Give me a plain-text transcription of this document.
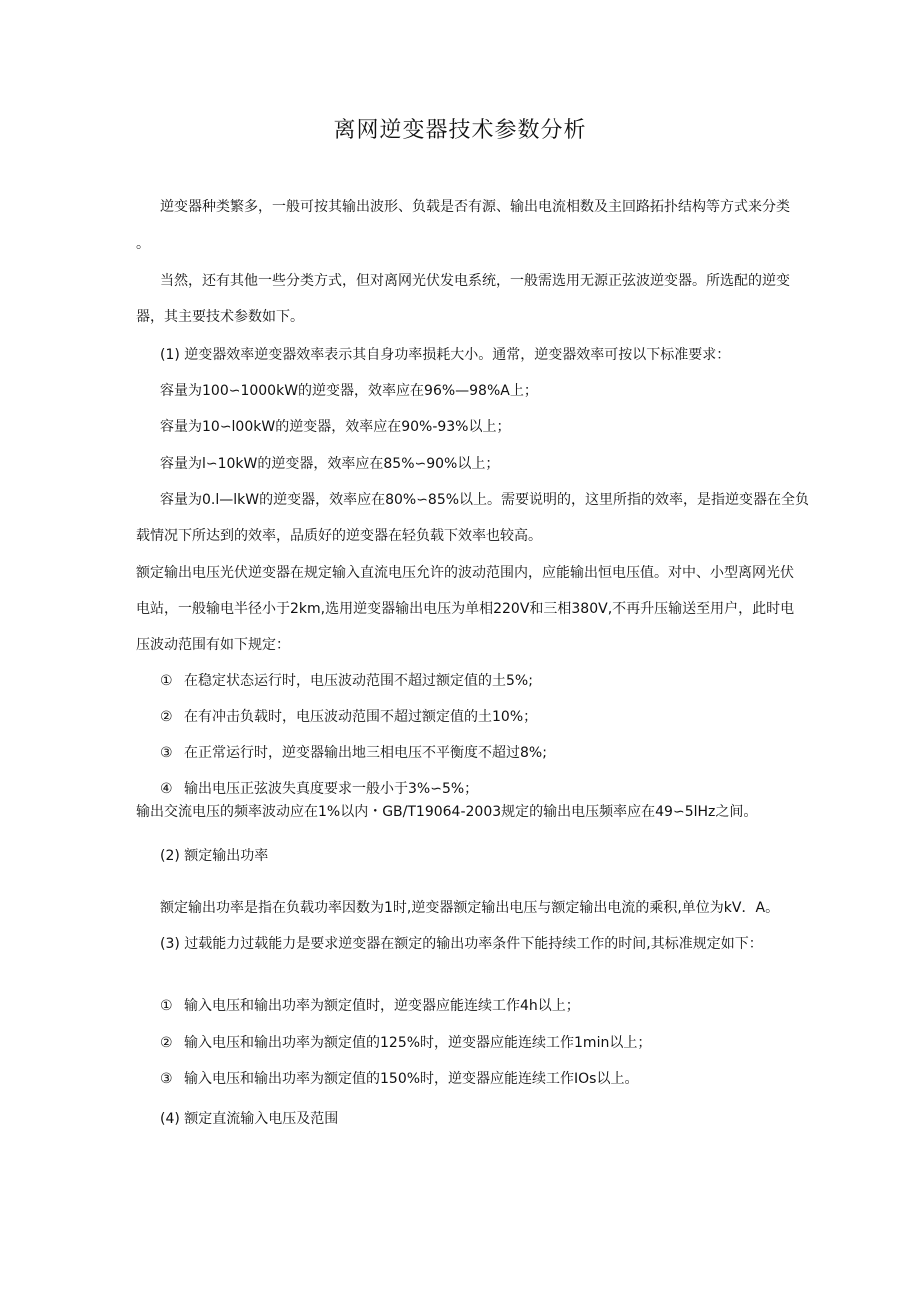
离网逆变器技术参数分析

逆变器种类繁多，一般可按其输出波形、负载是否有源、输出电流相数及主回路拓扑结构等方式来分类

。

当然，还有其他一些分类方式，但对离网光伏发电系统，一般需选用无源正弦波逆变器。所选配的逆变

器，其主要技术参数如下。

(1) 逆变器效率逆变器效率表示其自身功率损耗大小。通常，逆变器效率可按以下标准要求：

容量为100∽1000kW的逆变器，效率应在96%—98%A上；

容量为10∽l00kW的逆变器，效率应在90%-93%以上；

容量为l∽10kW的逆变器，效率应在85%∽90%以上；

容量为0.l—lkW的逆变器，效率应在80%∽85%以上。需要说明的，这里所指的效率，是指逆变器在全负

载情况下所达到的效率，品质好的逆变器在轻负载下效率也较高。

额定输出电压光伏逆变器在规定输入直流电压允许的波动范围内，应能输出恒电压值。对中、小型离网光伏

电站，一般输电半径小于2km,选用逆变器输出电压为单相220V和三相380V,不再升压输送至用户，此时电

压波动范围有如下规定：

① 在稳定状态运行时，电压波动范围不超过额定值的土5%;

② 在有冲击负载时，电压波动范围不超过额定值的土10%；

③ 在正常运行时，逆变器输出地三相电压不平衡度不超过8%;

④ 输出电压正弦波失真度要求一般小于3%∽5%；

输出交流电压的频率波动应在1%以内・GB/T19064-2003规定的输出电压频率应在49∽5lHz之间。

(2) 额定输出功率

额定输出功率是指在负载功率因数为1时,逆变器额定输出电压与额定输出电流的乘积,单位为kV．A。

(3) 过载能力过载能力是要求逆变器在额定的输出功率条件下能持续工作的时间,其标准规定如下：

① 输入电压和输出功率为额定值时，逆变器应能连续工作4h以上；

② 输入电压和输出功率为额定值的125%时，逆变器应能连续工作1min以上；

③ 输入电压和输出功率为额定值的150%时，逆变器应能连续工作IOs以上。

(4) 额定直流输入电压及范围
